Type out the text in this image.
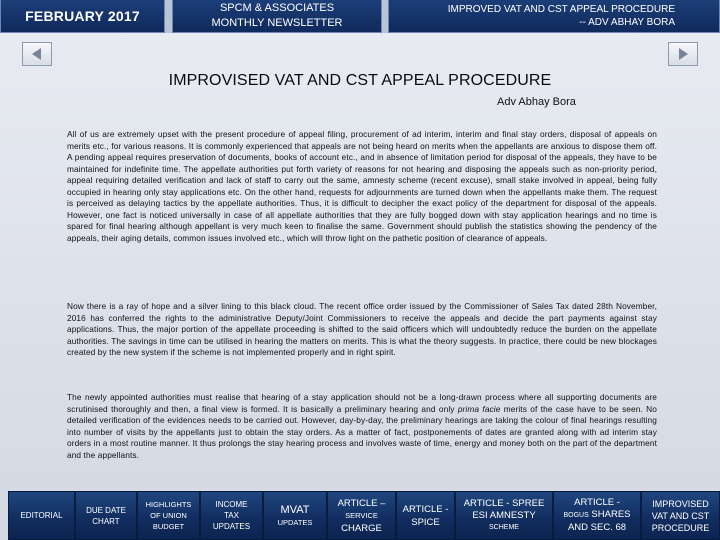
FEBRUARY 2017	SPCM & ASSOCIATES
MONTHLY NEWSLETTER
IMPROVED VAT AND CST APPEAL PROCEDURE
-- ADV ABHAY BORA
IMPROVISED VAT AND CST APPEAL PROCEDURE
Adv Abhay Bora

All of us are extremely upset with the present procedure of appeal filing, procurement of ad interim, interim and final stay orders, disposal of appeals on merits etc., for various reasons. It is commonly experienced that appeals are not being heard on merits when the appellants are anxious to dispose them off. A pending appeal requires preservation of documents, books of account etc., and in absence of limitation period for disposal of the appeals, they have to be maintained for indefinite time. The appellate authorities put forth variety of reasons for not hearing and disposing the appeals such as non-priority period, appeal requiring detailed verification and lack of staff to carry out the same, amnesty scheme (recent excuse), small stake involved in appeal, being fully occupied in hearing only stay applications etc. On the other hand, requests for adjournments are turned down when the appellants make them. The request is perceived as delaying tactics by the appellate authorities. Thus, it is difficult to decipher the exact policy of the department for disposal of the appeals. However, one fact is noticed universally in case of all appellate authorities that they are fully bogged down with stay application hearings and no time is spared for final hearing although appellant is very much keen to finalise the same. Government should publish the statistics showing the pendency of the appeals, their aging details, common issues involved etc., which will throw light on the pathetic position of clearance of appeals.

Now there is a ray of hope and a silver lining to this black cloud. The recent office order issued by the Commissioner of Sales Tax dated 28th November, 2016 has conferred the rights to the administrative Deputy/Joint Commissioners to receive the appeals and decide the part payments against stay applications. Thus, the major portion of the appellate proceeding is shifted to the said officers which will undoubtedly reduce the burden on the appellate authorities. The savings in time can be utilised in hearing the matters on merits. This is what the theory suggests. In practice, there could be new blockages created by the new system if the scheme is not implemented properly and in right spirit.

The newly appointed authorities must realise that hearing of a stay application should not be a long-drawn process where all supporting documents are scrutinised thoroughly and then, a final view is formed. It is basically a preliminary hearing and only prima facie merits of the case have to be seen. No detailed verification of the evidences needs to be carried out. However, day-by-day, the preliminary hearings are taking the colour of final hearings resulting into number of visits by the appellants just to obtain the stay orders. As a matter of fact, postponements of dates are granted along with ad interim stay orders in a most routine manner. It thus prolongs the stay hearing process and involves waste of time, energy and money both on the part of the department and the appellants.

EDITORIAL
DUE DATE
CHART
HIGHLIGHTS
OF UNION
BUDGET
INCOME
TAX
UPDATES
MVAT
UPDATES
ARTICLE –
SERVICE
CHARGE
ARTICLE -
SPICE
ARTICLE - SPREE
ESI AMNESTY
SCHEME
ARTICLE -
BOGUS SHARES
AND SEC. 68
IMPROVISED
VAT AND CST
PROCEDURE
